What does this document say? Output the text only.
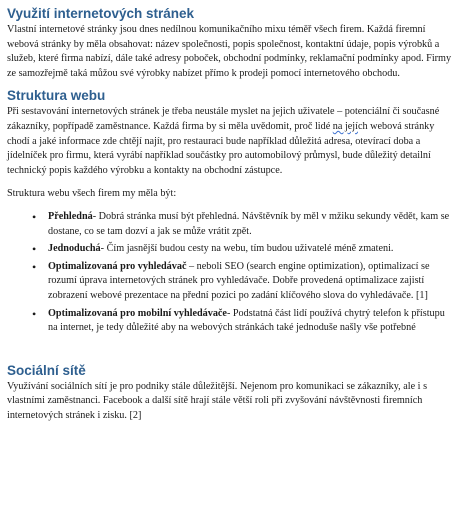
Využití internetových stránek

Vlastní internetové stránky jsou dnes nedílnou komunikačního mixu téměř všech firem. Každá firemní webová stránky by měla obsahovat: název společnosti, popis společnost, kontaktní údaje, popis výrobků a služeb, které firma nabízí, dále také adresy poboček, obchodní podmínky, reklamační podmínky apod. Firmy ze samozřejmě taká můžou své výrobky nabízet přímo k prodeji pomocí internetového obchodu.

Struktura webu

Při sestavování internetových stránek je třeba neustále myslet na jejich uživatele – potenciální či současné zákazníky, popřípadě zaměstnance. Každá firma by si měla uvědomit, proč lidé na jejích webová stránky chodí a jaké informace zde chtějí najít, pro restauraci bude například důležitá adresa, otevírací doba a jídelníček pro firmu, která vyrábí například součástky pro automobilový průmysl, bude důležitý detailní technický popis každého výrobku a kontakty na obchodní zástupce.

Struktura webu všech firem my měla být:

• Přehledná- Dobrá stránka musí být přehledná. Návštěvník by měl v mžiku sekundy vědět, kam se dostane, co se tam dozví a jak se může vrátit zpět.
• Jednoduchá- Čím jasnější budou cesty na webu, tím budou uživatelé méně zmateni.
• Optimalizovaná pro vyhledávač – neboli SEO (search engine optimization), optimalizací se rozumí úprava internetových stránek pro vyhledávače. Dobře provedená optimalizace zajistí zobrazení webové prezentace na přední pozici po zadání klíčového slova do vyhledávače. [1]
• Optimalizovaná pro mobilní vyhledávače- Podstatná část lidí používá chytrý telefon k přístupu na internet, je tedy důležité aby na webových stránkách také jednoduše našly vše potřebné
Sociální sítě

Využívání sociálních sítí je pro podniky stále důležitější. Nejenom pro komunikaci se zákazníky, ale i s vlastními zaměstnanci. Facebook a další sítě hrají stále větší roli při zvyšování návštěvnosti firemních internetových stránek i zisku. [2]
